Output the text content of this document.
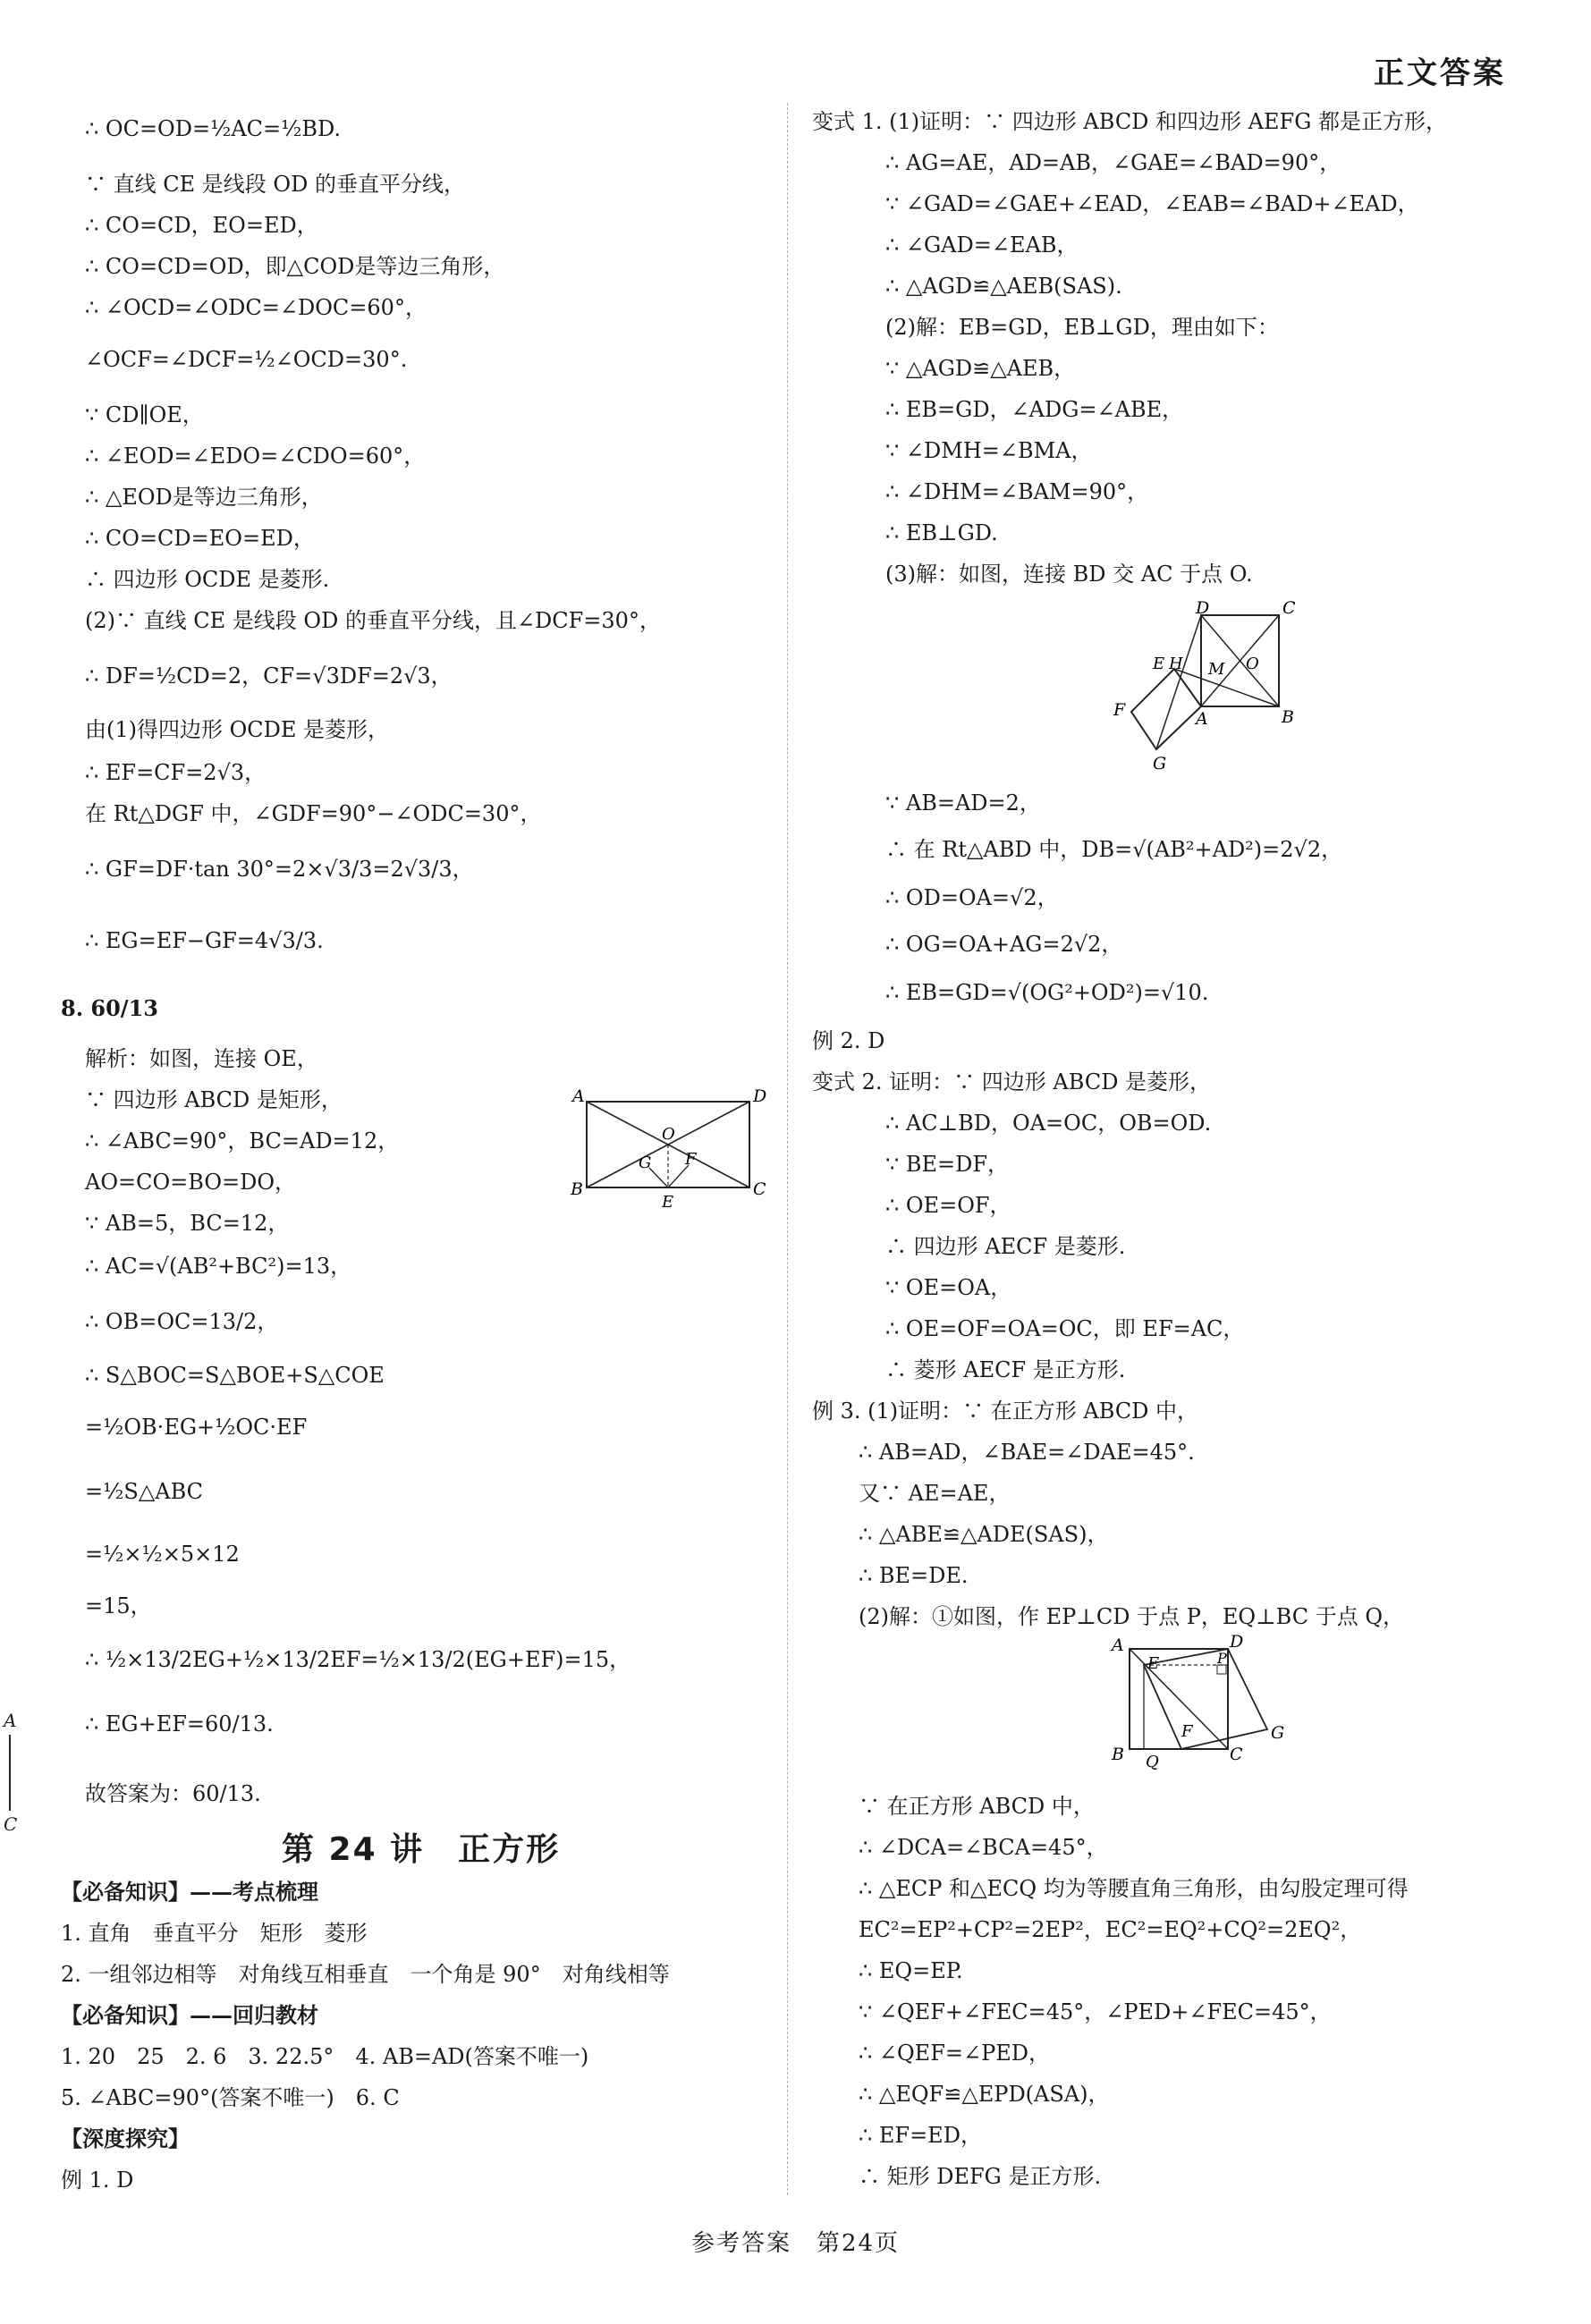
正文答案
∴ OC=OD=½AC=½BD.
∵ 直线 CE 是线段 OD 的垂直平分线，
∴ CO=CD，EO=ED，
∴ CO=CD=OD，即△COD是等边三角形，
∴ ∠OCD=∠ODC=∠DOC=60°，
∠OCF=∠DCF=½∠OCD=30°.
∵ CD∥OE，
∴ ∠EOD=∠EDO=∠CDO=60°，
∴ △EOD是等边三角形，
∴ CO=CD=EO=ED，
∴ 四边形 OCDE 是菱形.
(2)∵ 直线 CE 是线段 OD 的垂直平分线，且∠DCF=30°，
∴ DF=½CD=2，CF=√3DF=2√3，
由(1)得四边形 OCDE 是菱形，
∴ EF=CF=2√3，
在 Rt△DGF 中，∠GDF=90°−∠ODC=30°，
∴ GF=DF·tan 30°=2×√3/3=2√3/3，
∴ EG=EF−GF=4√3/3.
8. 60/13
解析：如图，连接 OE，
∵ 四边形 ABCD 是矩形，
∴ ∠ABC=90°，BC=AD=12，
AO=CO=BO=DO，
∵ AB=5，BC=12，
∴ AC=√(AB²+BC²)=13，
∴ OB=OC=13/2，
∴ S△BOC=S△BOE+S△COE
=½OB·EG+½OC·EF
=½S△ABC
=½×½×5×12
=15，
∴ ½×13/2EG+½×13/2EF=½×13/2(EG+EF)=15，
∴ EG+EF=60/13.
故答案为：60/13.
第 24 讲　正方形
【必备知识】——考点梳理
1. 直角　垂直平分　矩形　菱形
2. 一组邻边相等　对角线互相垂直　一个角是 90°　对角线相等
【必备知识】——回归教材
1. 20　25　2. 6　3. 22.5°　4. AB=AD(答案不唯一)
5. ∠ABC=90°(答案不唯一)　6. C
【深度探究】
例 1. D
A	D
B	C
G
O
F
E
A
C
变式 1. (1)证明：∵ 四边形 ABCD 和四边形 AEFG 都是正方形，
∴ AG=AE，AD=AB，∠GAE=∠BAD=90°，
∵ ∠GAD=∠GAE+∠EAD，∠EAB=∠BAD+∠EAD，
∴ ∠GAD=∠EAB，
∴ △AGD≌△AEB(SAS).
(2)解：EB=GD，EB⊥GD，理由如下：
∵ △AGD≌△AEB，
∴ EB=GD，∠ADG=∠ABE，
∵ ∠DMH=∠BMA，
∴ ∠DHM=∠BAM=90°，
∴ EB⊥GD.
(3)解：如图，连接 BD 交 AC 于点 O.
∵ AB=AD=2，
∴ 在 Rt△ABD 中，DB=√(AB²+AD²)=2√2，
∴ OD=OA=√2，
∴ OG=OA+AG=2√2，
∴ EB=GD=√(OG²+OD²)=√10.
例 2. D
变式 2. 证明：∵ 四边形 ABCD 是菱形，
∴ AC⊥BD，OA=OC，OB=OD.
∵ BE=DF，
∴ OE=OF，
∴ 四边形 AECF 是菱形.
∵ OE=OA，
∴ OE=OF=OA=OC，即 EF=AC，
∴ 菱形 AECF 是正方形.
例 3. (1)证明：∵ 在正方形 ABCD 中，
∴ AB=AD，∠BAE=∠DAE=45°.
又∵ AE=AE，
∴ △ABE≌△ADE(SAS)，
∴ BE=DE.
(2)解：①如图，作 EP⊥CD 于点 P，EQ⊥BC 于点 Q，
∵ 在正方形 ABCD 中，
∴ ∠DCA=∠BCA=45°，
∴ △ECP 和△ECQ 均为等腰直角三角形，由勾股定理可得
EC²=EP²+CP²=2EP²，EC²=EQ²+CQ²=2EQ²，
∴ EQ=EP.
∵ ∠QEF+∠FEC=45°，∠PED+∠FEC=45°，
∴ ∠QEF=∠PED，
∴ △EQF≌△EPD(ASA)，
∴ EF=ED，
∴ 矩形 DEFG 是正方形.
D	C
E H M O
F	A	B
G
A	D
E	P
G
F
B Q	C
参考答案　第24页
